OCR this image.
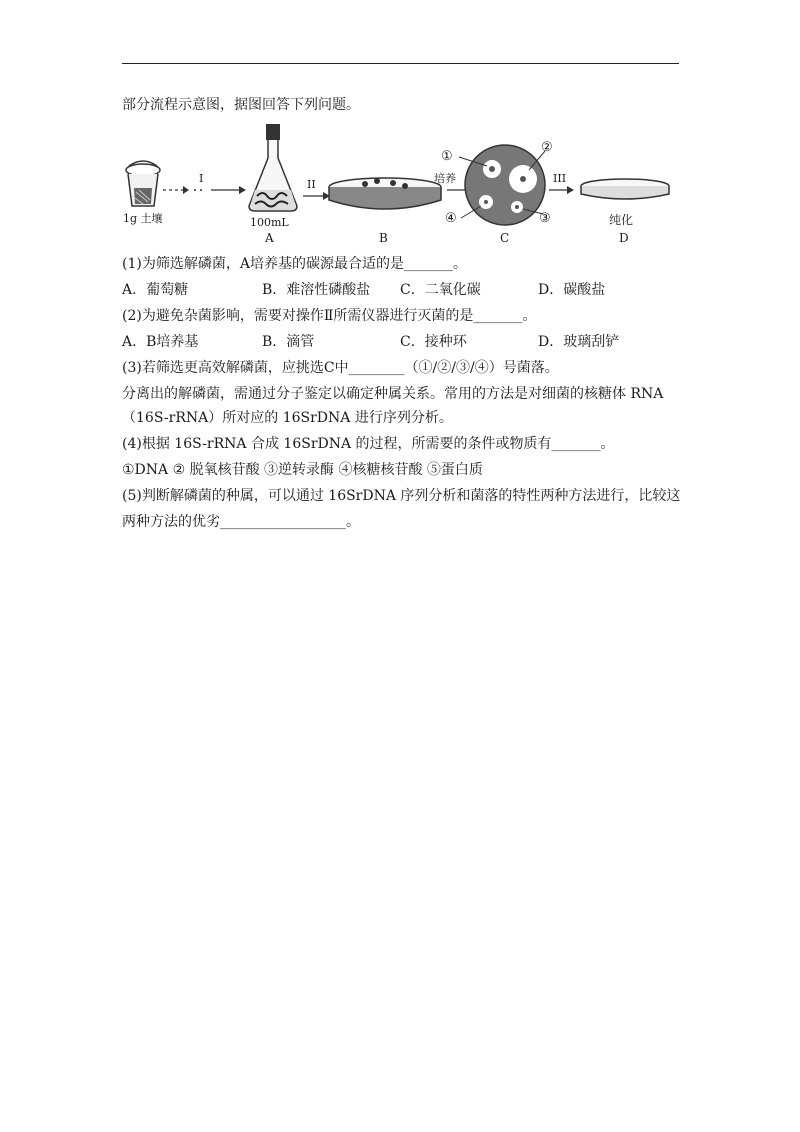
部分流程示意图，据图回答下列问题。
1g 土壤
I
100mL
A
II
B
培养
①
②
③
④
C
III
纯化
D
(1)为筛选解磷菌，A培养基的碳源最合适的是_______。
A．葡萄糖	B．难溶性磷酸盐 C．二氧化碳	D．碳酸盐
(2)为避免杂菌影响，需要对操作Ⅱ所需仪器进行灭菌的是_______。
A．B培养基	B．滴管	C．接种环	D．玻璃刮铲
(3)若筛选更高效解磷菌，应挑选C中________（①/②/③/④）号菌落。
分离出的解磷菌，需通过分子鉴定以确定种属关系。常用的方法是对细菌的核糖体 RNA
（16S-rRNA）所对应的 16SrDNA 进行序列分析。
(4)根据 16S-rRNA 合成 16SrDNA 的过程，所需要的条件或物质有_______。
①DNA ② 脱氧核苷酸 ③逆转录酶 ④核糖核苷酸 ⑤蛋白质
(5)判断解磷菌的种属，可以通过 16SrDNA 序列分析和菌落的特性两种方法进行，比较这
两种方法的优劣__________________。
